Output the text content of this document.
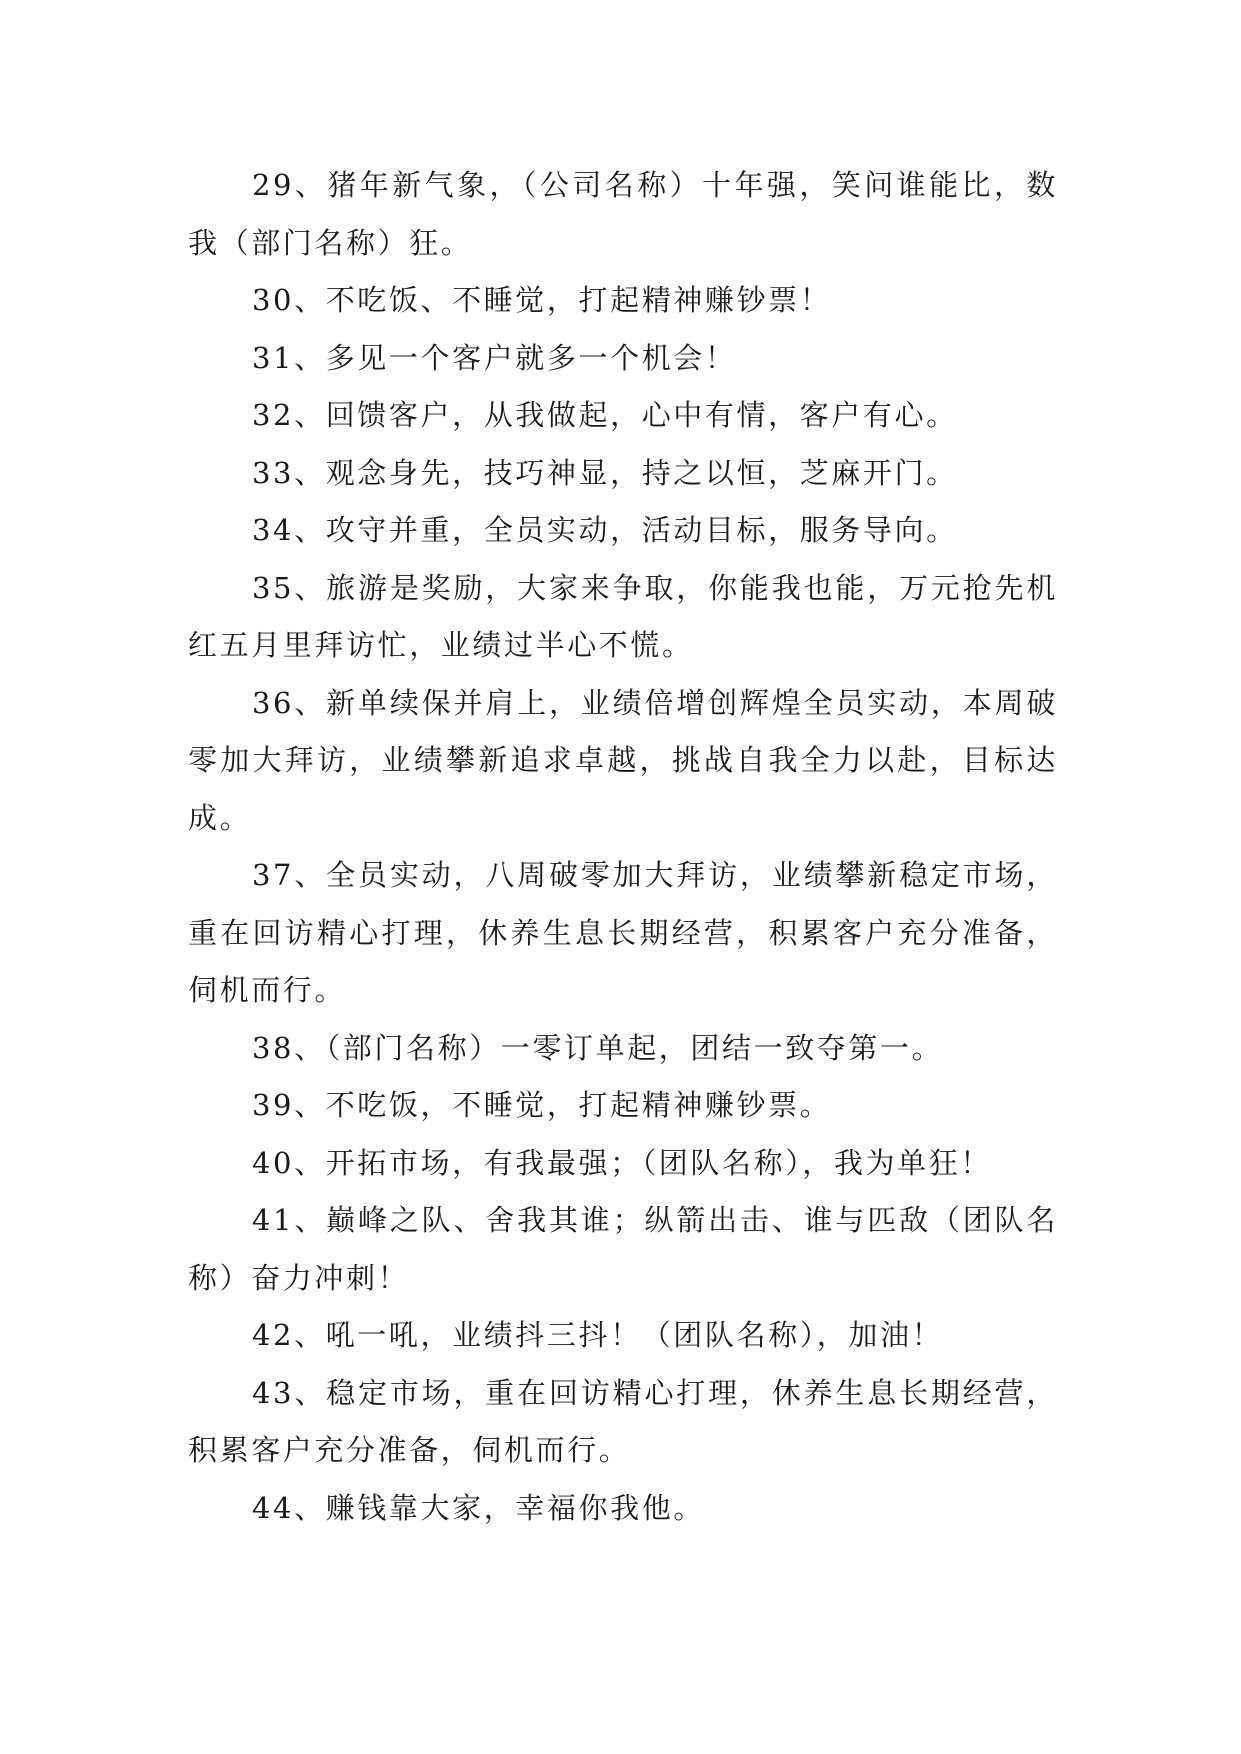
29、猪年新气象，（公司名称）十年强，笑问谁能比，数我（部门名称）狂。

30、不吃饭、不睡觉，打起精神赚钞票！

31、多见一个客户就多一个机会！

32、回馈客户，从我做起，心中有情，客户有心。

33、观念身先，技巧神显，持之以恒，芝麻开门。

34、攻守并重，全员实动，活动目标，服务导向。

35、旅游是奖励，大家来争取，你能我也能，万元抢先机红五月里拜访忙，业绩过半心不慌。

36、新单续保并肩上，业绩倍增创辉煌全员实动，本周破零加大拜访，业绩攀新追求卓越，挑战自我全力以赴，目标达成。

37、全员实动，八周破零加大拜访，业绩攀新稳定市场，重在回访精心打理，休养生息长期经营，积累客户充分准备，伺机而行。

38、（部门名称）一零订单起，团结一致夺第一。

39、不吃饭，不睡觉，打起精神赚钞票。

40、开拓市场，有我最强；（团队名称），我为单狂！

41、巅峰之队、舍我其谁；纵箭出击、谁与匹敌（团队名称）奋力冲刺！

42、吼一吼，业绩抖三抖！（团队名称），加油！

43、稳定市场，重在回访精心打理，休养生息长期经营，积累客户充分准备，伺机而行。

44、赚钱靠大家，幸福你我他。
